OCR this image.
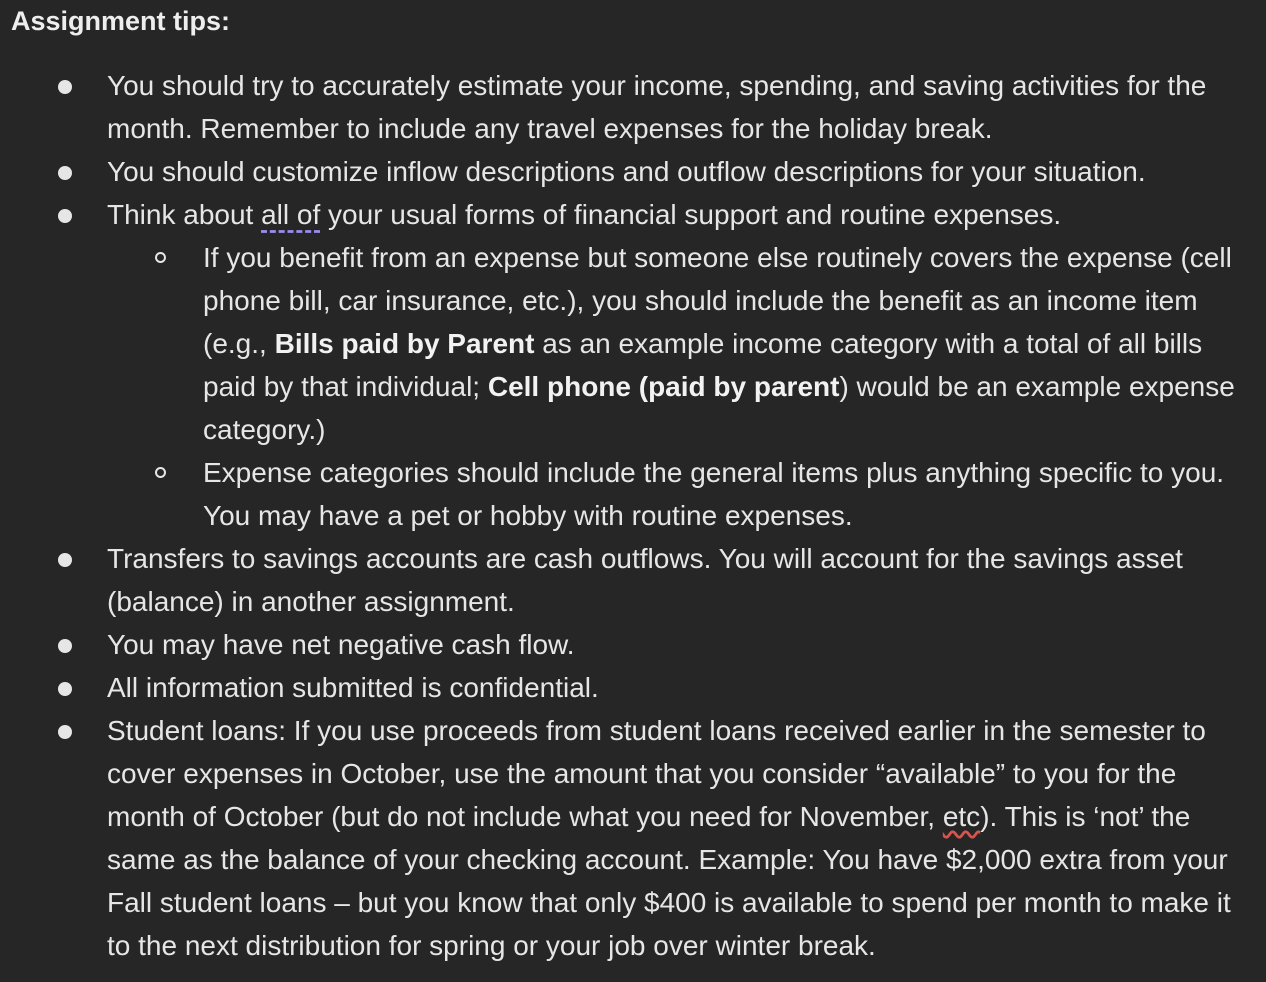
Assignment tips:
You should try to accurately estimate your income, spending, and saving activities for the month. Remember to include any travel expenses for the holiday break.
You should customize inflow descriptions and outflow descriptions for your situation.
Think about all of your usual forms of financial support and routine expenses.
If you benefit from an expense but someone else routinely covers the expense (cell phone bill, car insurance, etc.), you should include the benefit as an income item (e.g., Bills paid by Parent as an example income category with a total of all bills paid by that individual; Cell phone (paid by parent) would be an example expense category.)
Expense categories should include the general items plus anything specific to you. You may have a pet or hobby with routine expenses.
Transfers to savings accounts are cash outflows. You will account for the savings asset (balance) in another assignment.
You may have net negative cash flow.
All information submitted is confidential.
Student loans: If you use proceeds from student loans received earlier in the semester to cover expenses in October, use the amount that you consider “available” to you for the month of October (but do not include what you need for November, etc). This is ‘not’ the same as the balance of your checking account. Example: You have $2,000 extra from your Fall student loans – but you know that only $400 is available to spend per month to make it to the next distribution for spring or your job over winter break.
